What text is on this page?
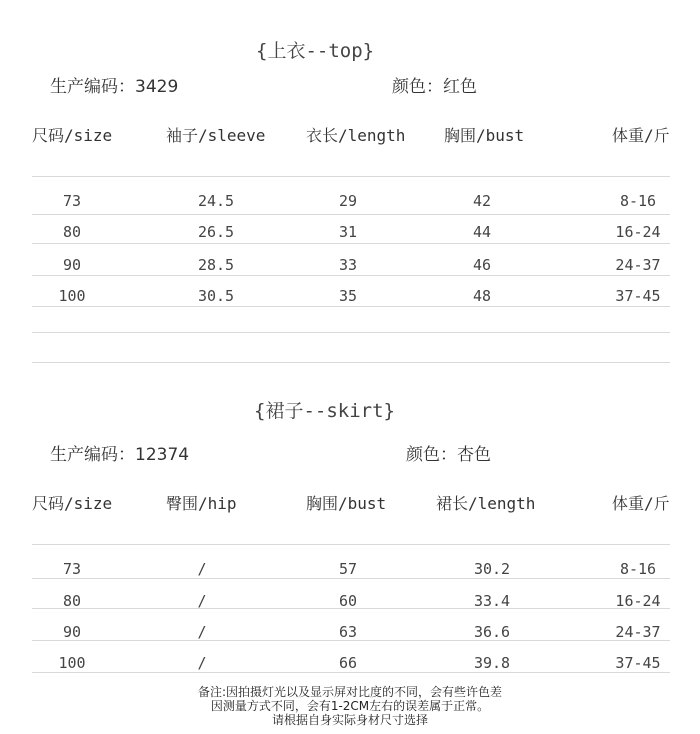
{上衣--top}
生产编码：3429	颜色：红色
尺码/size	袖子/sleeve	衣长/length 胸围/bust	体重/斤
73	24.5	29	42	8-16
80	26.5	31	44	16-24
90	28.5	33	46	24-37
100	30.5	35	48	37-45
{裙子--skirt}
生产编码：12374	颜色：杏色
尺码/size	臀围/hip	胸围/bust	裙长/length	体重/斤
73	/	57	30.2	8-16
80	/	60	33.4	16-24
90	/	63	36.6	24-37
100	/	66	39.8	37-45
备注:因拍摄灯光以及显示屏对比度的不同，会有些许色差
因测量方式不同，会有1-2CM左右的误差属于正常。
请根据自身实际身材尺寸选择
